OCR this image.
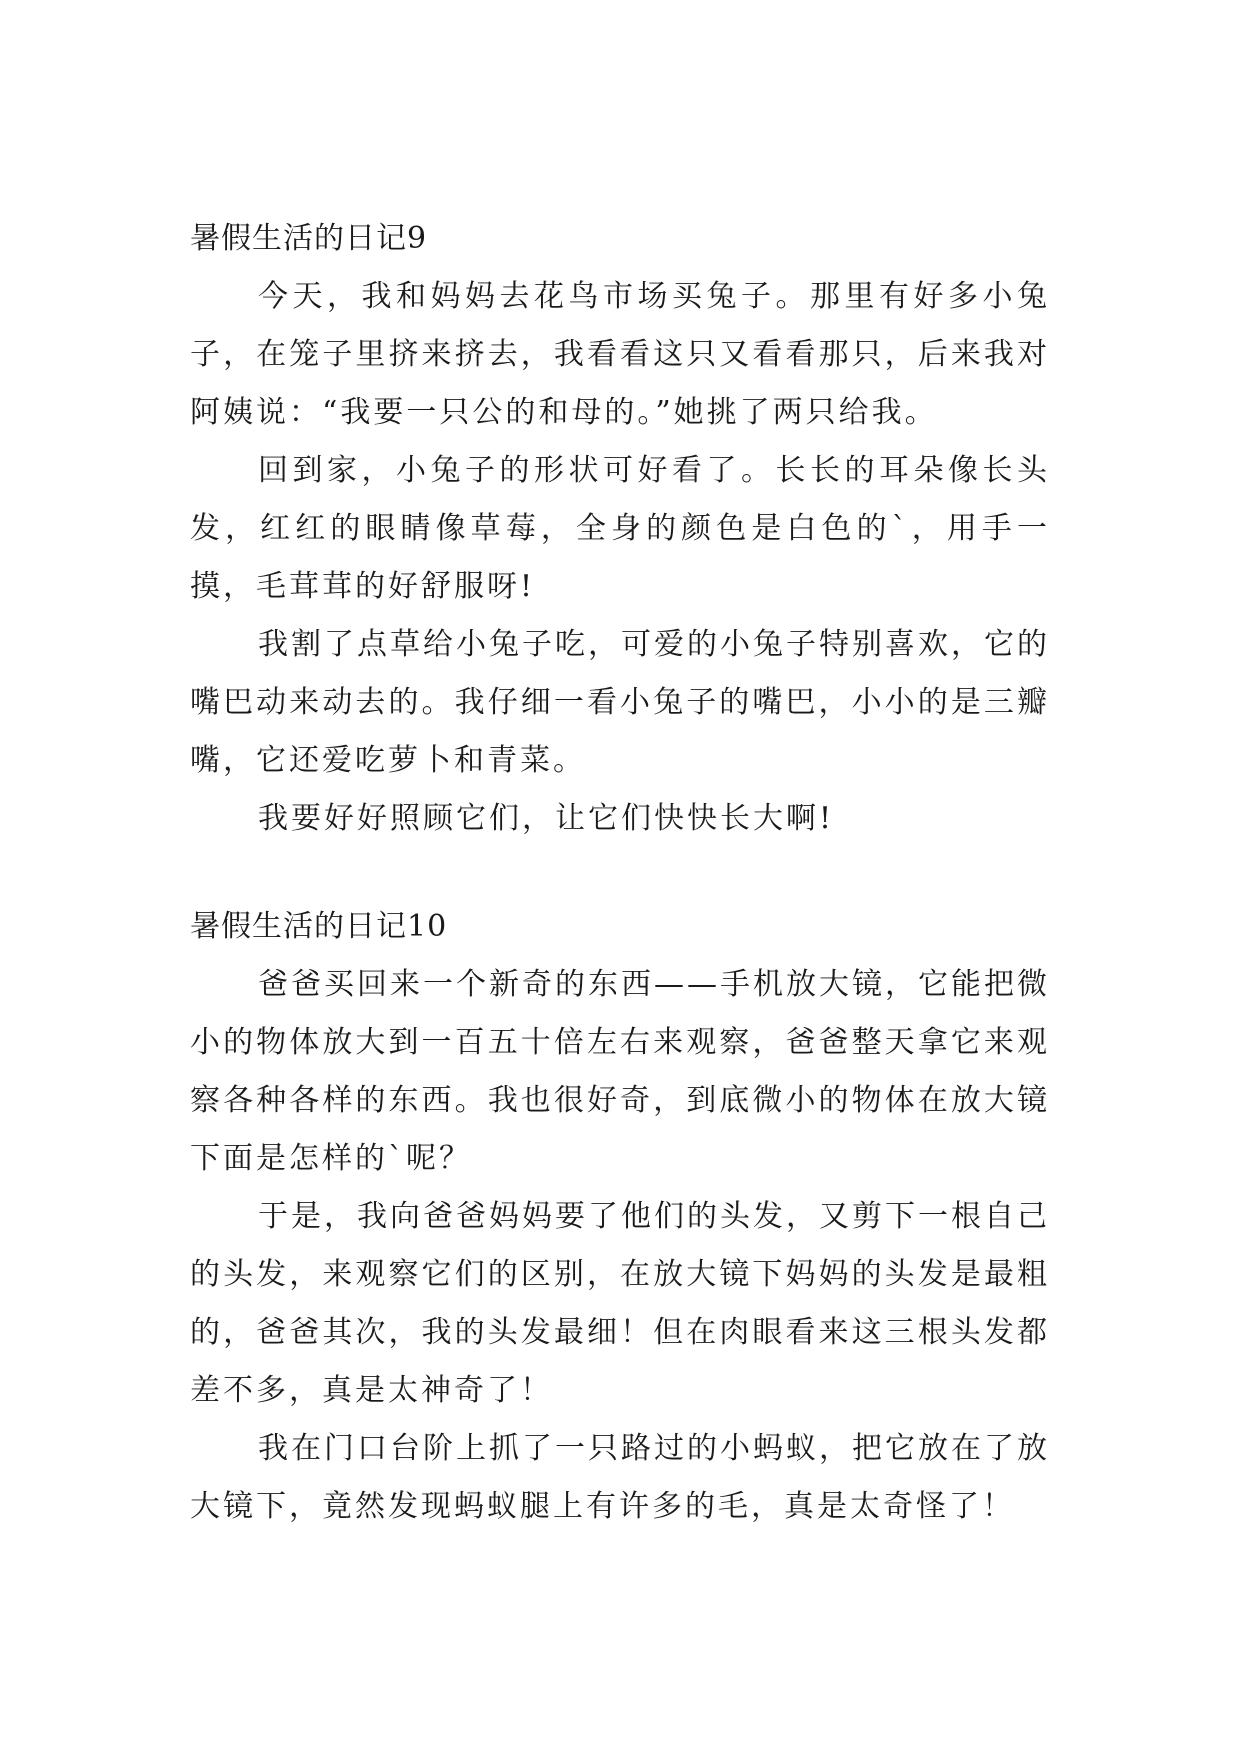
暑假生活的日记9

今天，我和妈妈去花鸟市场买兔子。那里有好多小兔子，在笼子里挤来挤去，我看看这只又看看那只，后来我对阿姨说：“我要一只公的和母的。”她挑了两只给我。

回到家，小兔子的形状可好看了。长长的耳朵像长头发，红红的眼睛像草莓，全身的颜色是白色的`，用手一摸，毛茸茸的好舒服呀!

我割了点草给小兔子吃，可爱的小兔子特别喜欢，它的嘴巴动来动去的。我仔细一看小兔子的嘴巴，小小的是三瓣嘴，它还爱吃萝卜和青菜。

我要好好照顾它们，让它们快快长大啊!

暑假生活的日记10

爸爸买回来一个新奇的东西——手机放大镜，它能把微小的物体放大到一百五十倍左右来观察，爸爸整天拿它来观察各种各样的东西。我也很好奇，到底微小的物体在放大镜下面是怎样的`呢？

于是，我向爸爸妈妈要了他们的头发，又剪下一根自己的头发，来观察它们的区别，在放大镜下妈妈的头发是最粗的，爸爸其次，我的头发最细！但在肉眼看来这三根头发都差不多，真是太神奇了！

我在门口台阶上抓了一只路过的小蚂蚁，把它放在了放大镜下，竟然发现蚂蚁腿上有许多的毛，真是太奇怪了！
